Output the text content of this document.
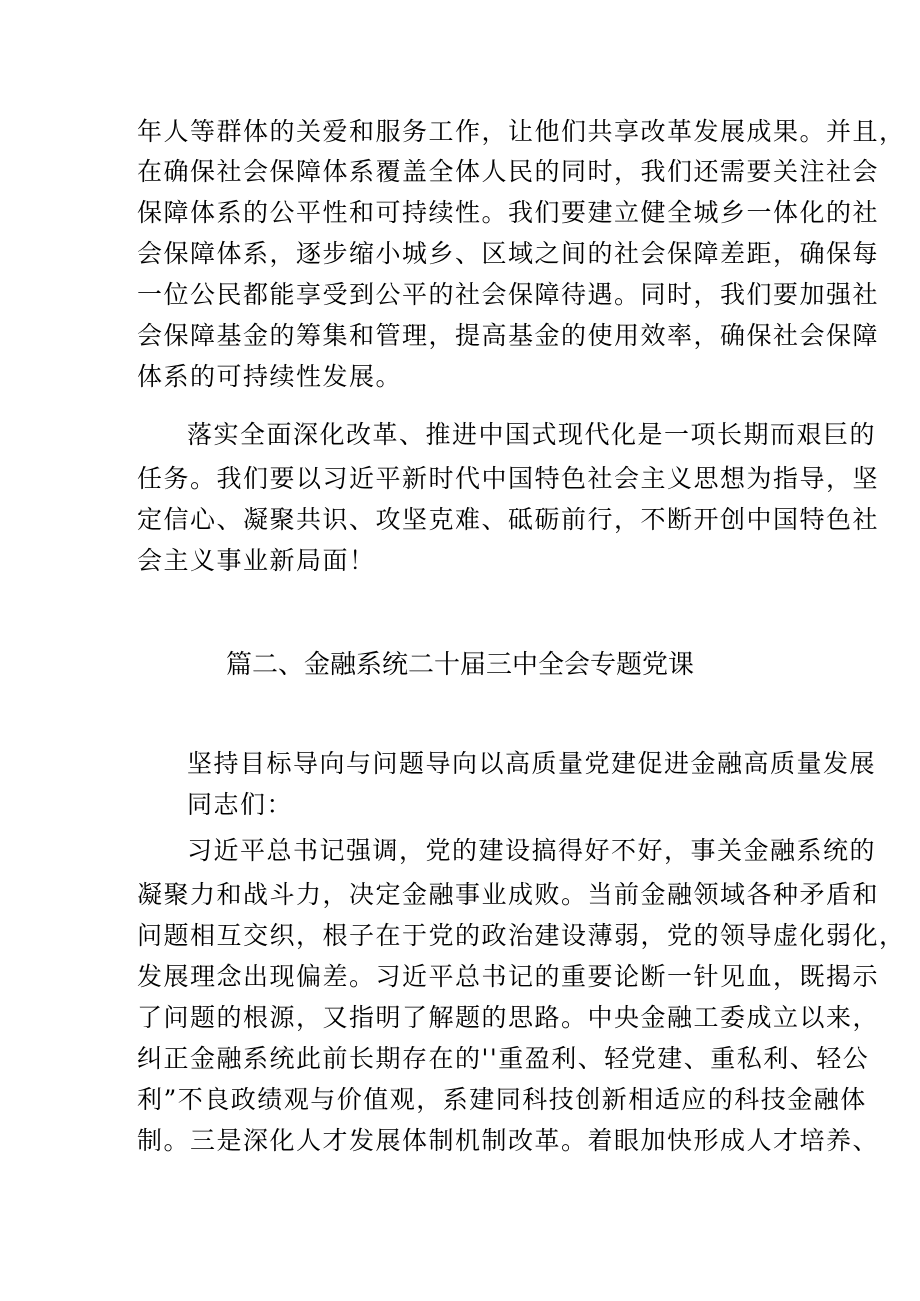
年人等群体的关爱和服务工作，让他们共享改革发展成果。并且，
在确保社会保障体系覆盖全体人民的同时，我们还需要关注社会
保障体系的公平性和可持续性。我们要建立健全城乡一体化的社
会保障体系，逐步缩小城乡、区域之间的社会保障差距，确保每
一位公民都能享受到公平的社会保障待遇。同时，我们要加强社
会保障基金的筹集和管理，提高基金的使用效率，确保社会保障
体系的可持续性发展。
落实全面深化改革、推进中国式现代化是一项长期而艰巨的
任务。我们要以习近平新时代中国特色社会主义思想为指导，坚
定信心、凝聚共识、攻坚克难、砥砺前行，不断开创中国特色社
会主义事业新局面！
篇二、金融系统二十届三中全会专题党课
坚持目标导向与问题导向以高质量党建促进金融高质量发展
同志们：
习近平总书记强调，党的建设搞得好不好，事关金融系统的
凝聚力和战斗力，决定金融事业成败。当前金融领域各种矛盾和
问题相互交织，根子在于党的政治建设薄弱，党的领导虚化弱化，
发展理念出现偏差。习近平总书记的重要论断一针见血，既揭示
了问题的根源，又指明了解题的思路。中央金融工委成立以来，
纠正金融系统此前长期存在的''重盈利、轻党建、重私利、轻公
利”不良政绩观与价值观，系建同科技创新相适应的科技金融体
制。三是深化人才发展体制机制改革。着眼加快形成人才培养、
